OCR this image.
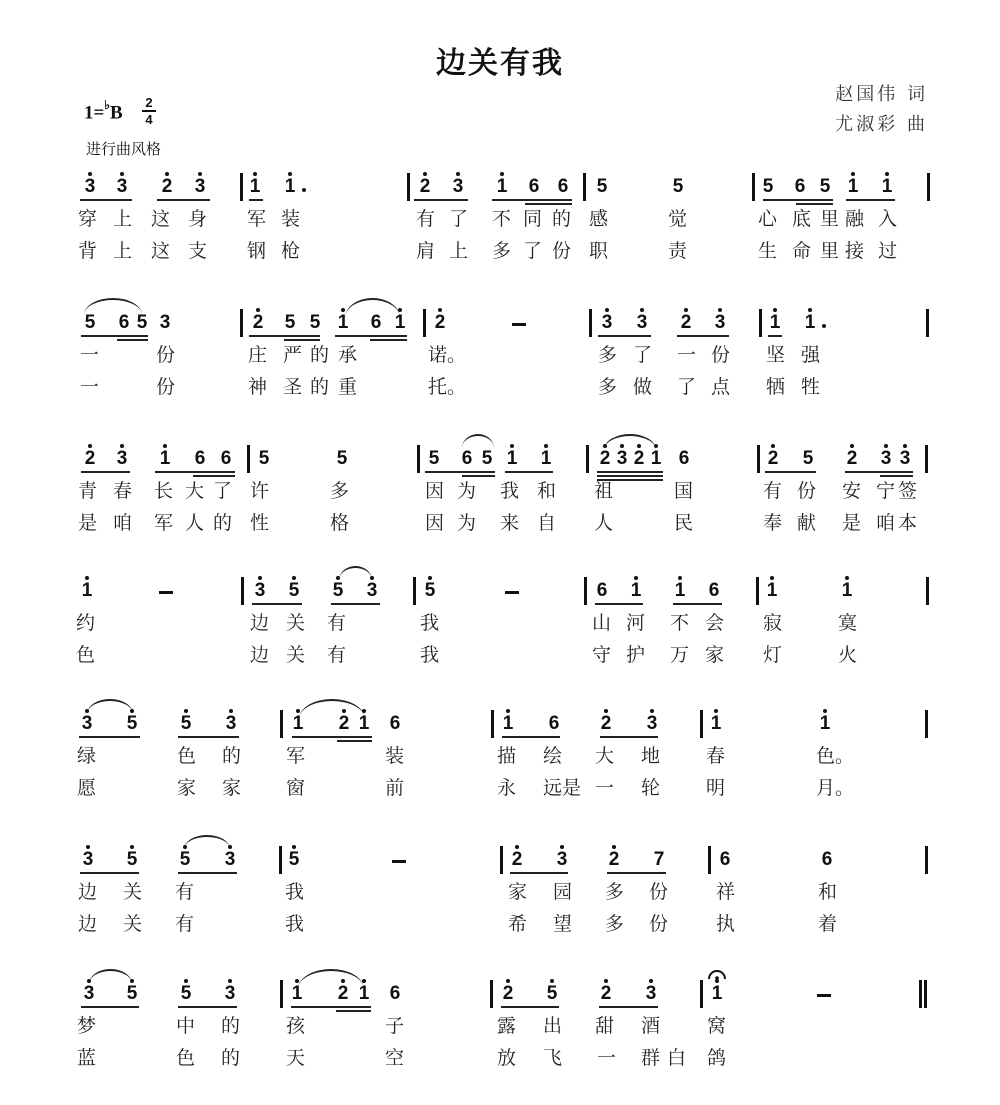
边关有我
赵国伟 词
尤淑彩 曲
1=♭B 2
4
进行曲风格
3 3 2 3 1 1	2 3 1 6 6 5	5	5 6 5 1 1
穿 上 这 身 军 装	有 了 不 同 的 感	觉	心 底 里 融 入
背 上 这 支 钢 枪	肩 上 多 了 份 职	责	生 命 里 接 过
5 6 5 3	2 5 5 1 6 1 2	3 3 2 3 1 1
一	份	庄 严 的 承	诺。	多 了 一 份 坚 强
一	份	神 圣 的 重	托。	多 做 了 点 牺 牲
2 3 1 6 6 5	5	5 6 5 1 1	2 3 2 1 6	2 5 2 3 3
青 春 长 大 了 许	多	因 为 我 和 祖	国	有 份 安 宁 签
是 咱 军 人 的 性	格	因 为 来 自 人	民	奉 献 是 咱 本
1	3 5 5 3 5	6 1 1 6 1	1
约	边 关 有	我	山 河 不 会 寂	寞
色	边 关 有	我	守 护 万 家 灯	火
3 5 5 3	1 2 1 6	1 6 2 3	1	1
绿	色 的 军	装	描 绘 大 地 春	色。
愿	家 家 窗	前	永 远是 一 轮 明	月。
3 5 5 3	5	2 3 2 7	6	6
边 关 有	我	家 园 多 份	祥	和
边 关 有	我	希 望 多 份	执	着
3 5 5 3	1 2 1 6	2 5 2 3	1
梦	中 的 孩	子	露 出 甜 酒 窝
蓝	色 的 天	空	放 飞 一 群 白 鸽
